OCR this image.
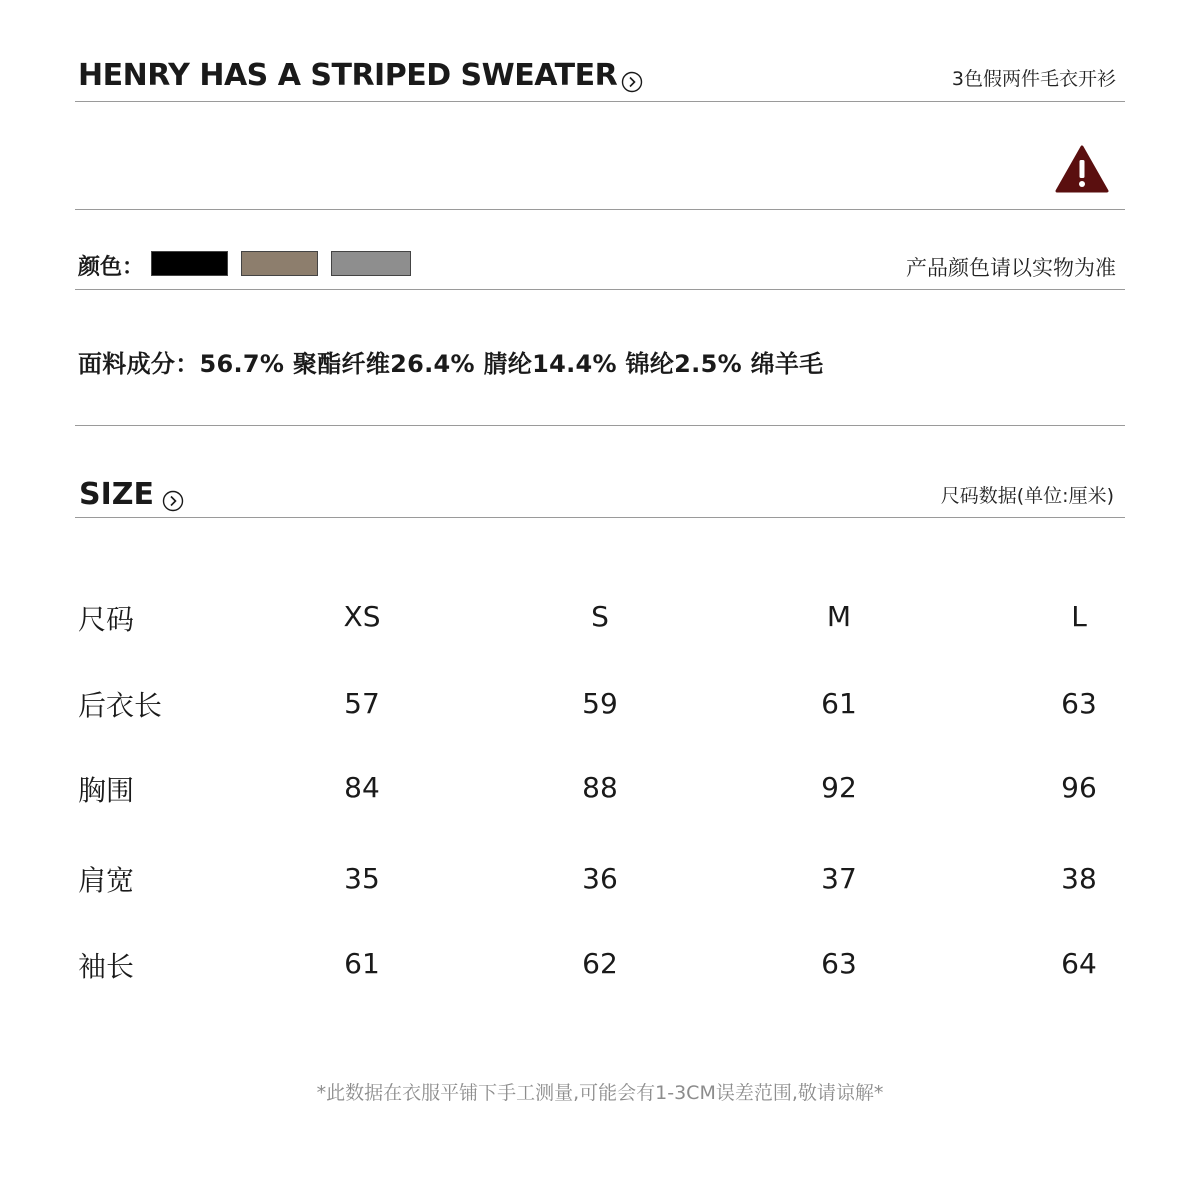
HENRY HAS A STRIPED SWEATER	3色假两件毛衣开衫
颜色：	产品颜色请以实物为准
面料成分：56.7% 聚酯纤维26.4% 腈纶14.4% 锦纶2.5% 绵羊毛
SIZE	尺码数据(单位:厘米)
尺码	XS	S	M	L
后衣长	57	59	61	63
胸围	84	88	92	96
肩宽	35	36	37	38
袖长	61	62	63	64
*此数据在衣服平铺下手工测量,可能会有1-3CM误差范围,敬请谅解*
